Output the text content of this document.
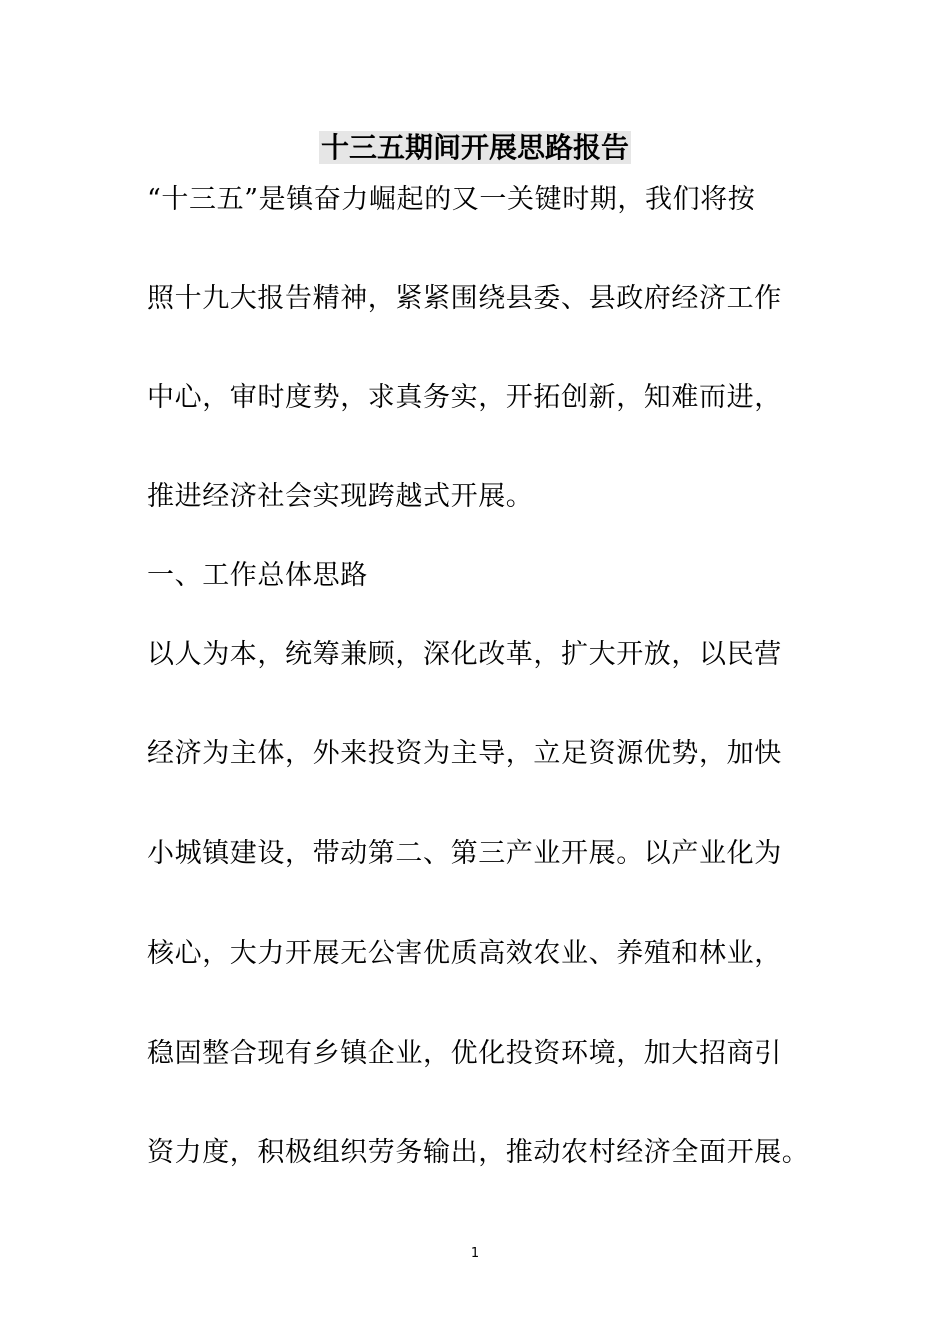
十三五期间开展思路报告
“十三五”是镇奋力崛起的又一关键时期，我们将按
照十九大报告精神，紧紧围绕县委、县政府经济工作
中心，审时度势，求真务实，开拓创新，知难而进，
推进经济社会实现跨越式开展。
一、工作总体思路
以人为本，统筹兼顾，深化改革，扩大开放，以民营
经济为主体，外来投资为主导，立足资源优势，加快
小城镇建设，带动第二、第三产业开展。以产业化为
核心，大力开展无公害优质高效农业、养殖和林业，
稳固整合现有乡镇企业，优化投资环境，加大招商引
资力度，积极组织劳务输出，推动农村经济全面开展。
1
